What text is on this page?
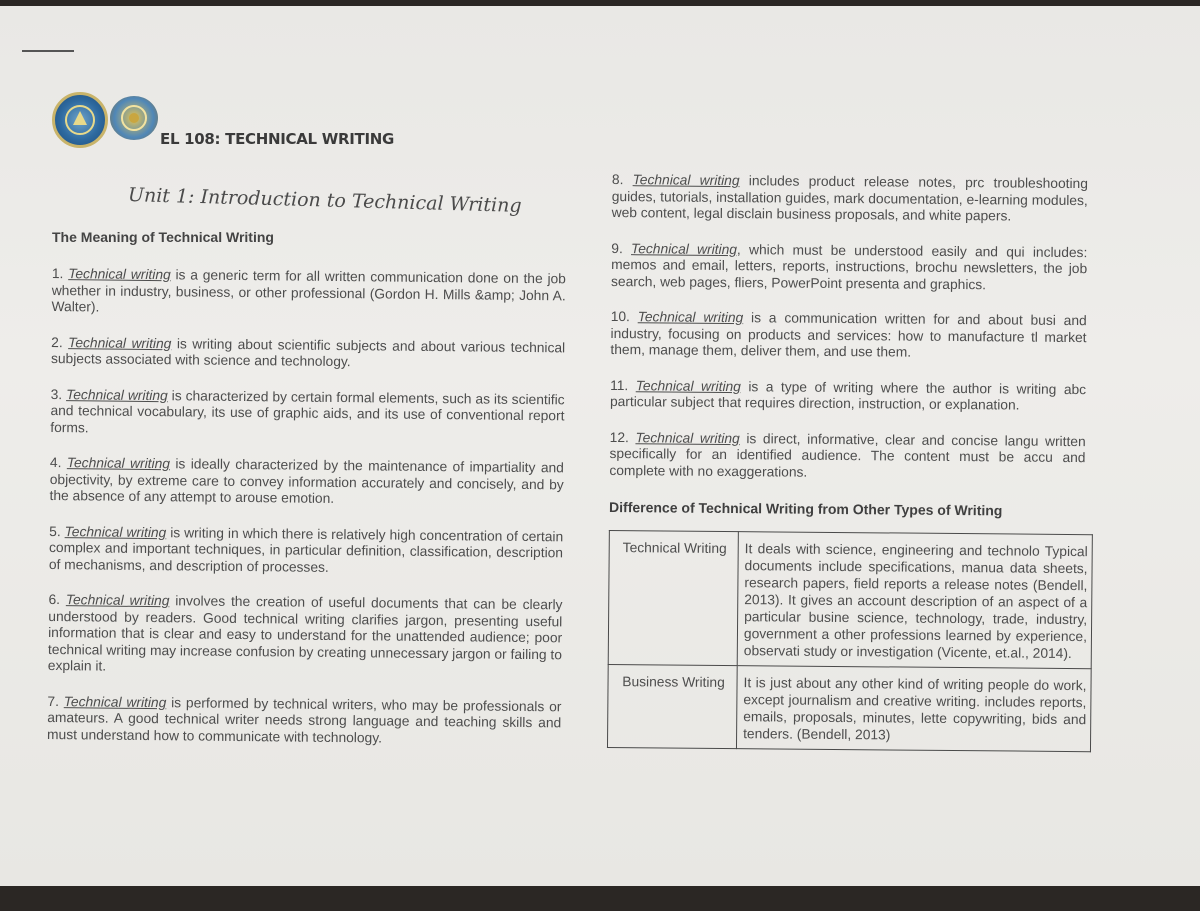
EL 108: TECHNICAL WRITING
Unit 1: Introduction to Technical Writing
The Meaning of Technical Writing

1. Technical writing is a generic term for all written communication done on the job whether in industry, business, or other professional (Gordon H. Mills &amp; John A. Walter).

2. Technical writing is writing about scientific subjects and about various technical subjects associated with science and technology.

3. Technical writing is characterized by certain formal elements, such as its scientific and technical vocabulary, its use of graphic aids, and its use of conventional report forms.

4. Technical writing is ideally characterized by the maintenance of impartiality and objectivity, by extreme care to convey information accurately and concisely, and by the absence of any attempt to arouse emotion.

5. Technical writing is writing in which there is relatively high concentration of certain complex and important techniques, in particular definition, classification, description of mechanisms, and description of processes.

6. Technical writing involves the creation of useful documents that can be clearly understood by readers. Good technical writing clarifies jargon, presenting useful information that is clear and easy to understand for the unattended audience; poor technical writing may increase confusion by creating unnecessary jargon or failing to explain it.

7. Technical writing is performed by technical writers, who may be professionals or amateurs. A good technical writer needs strong language and teaching skills and must understand how to communicate with technology.

8. Technical writing includes product release notes, prc troubleshooting guides, tutorials, installation guides, mark documentation, e-learning modules, web content, legal disclain business proposals, and white papers.

9. Technical writing, which must be understood easily and qui includes: memos and email, letters, reports, instructions, brochu newsletters, the job search, web pages, fliers, PowerPoint presenta and graphics.

10. Technical writing is a communication written for and about busi and industry, focusing on products and services: how to manufacture tl market them, manage them, deliver them, and use them.

11. Technical writing is a type of writing where the author is writing abc particular subject that requires direction, instruction, or explanation.

12. Technical writing is direct, informative, clear and concise langu written specifically for an identified audience. The content must be accu and complete with no exaggerations.

Difference of Technical Writing from Other Types of Writing
Technical Writing	It deals with science, engineering and technolo Typical documents include specifications, manua data sheets, research papers, field reports a release notes (Bendell, 2013). It gives an account description of an aspect of a particular busine science, technology, trade, industry, government a other professions learned by experience, observati study or investigation (Vicente, et.al., 2014).
Business Writing	It is just about any other kind of writing people do work, except journalism and creative writing. includes reports, emails, proposals, minutes, lette copywriting, bids and tenders. (Bendell, 2013)
